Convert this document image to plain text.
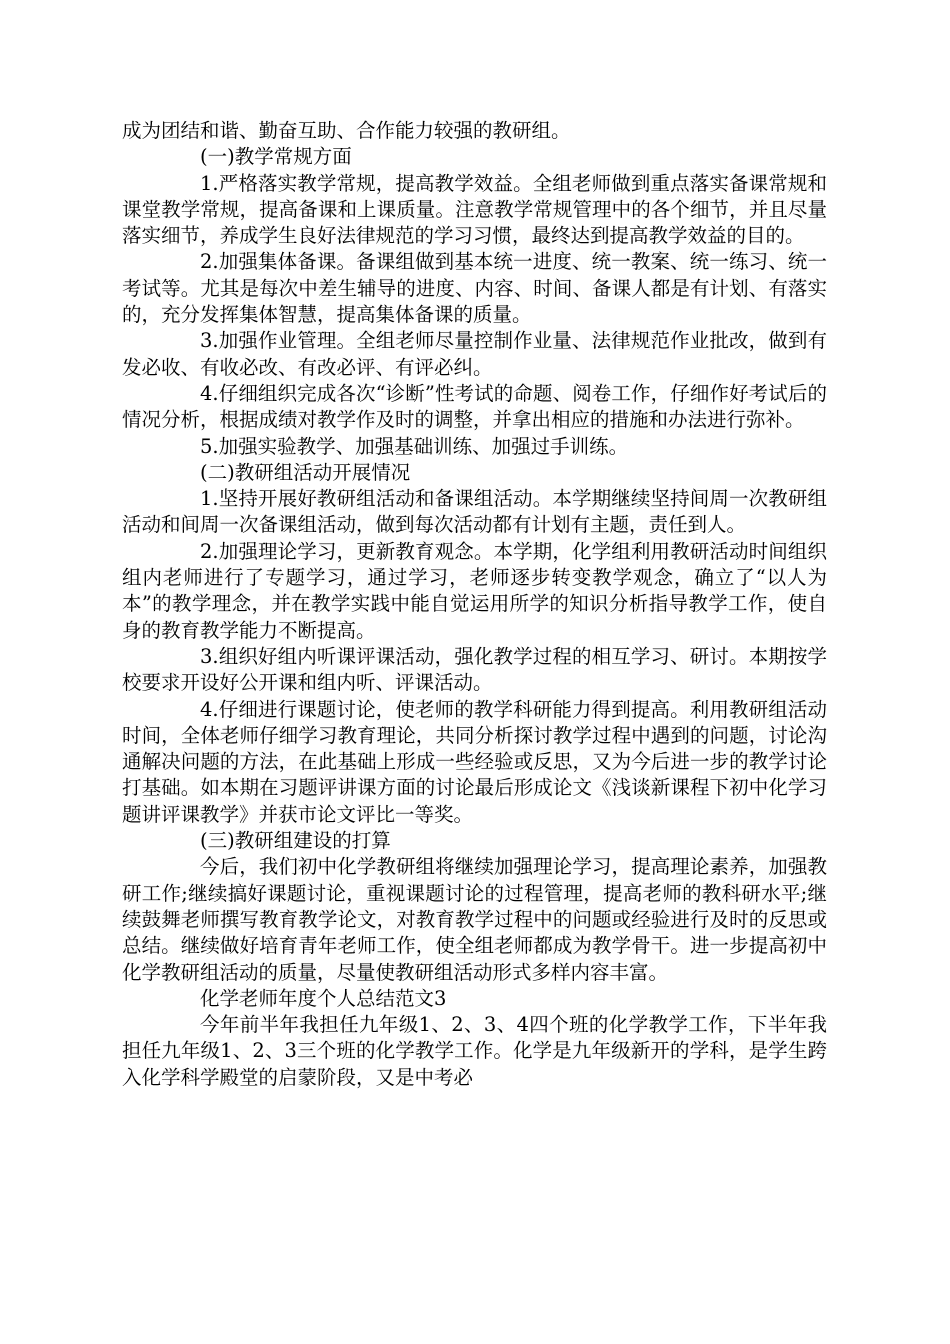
成为团结和谐、勤奋互助、合作能力较强的教研组。

(一)教学常规方面

1.严格落实教学常规，提高教学效益。全组老师做到重点落实备课常规和课堂教学常规，提高备课和上课质量。注意教学常规管理中的各个细节，并且尽量落实细节，养成学生良好法律规范的学习习惯，最终达到提高教学效益的目的。

2.加强集体备课。备课组做到基本统一进度、统一教案、统一练习、统一考试等。尤其是每次中差生辅导的进度、内容、时间、备课人都是有计划、有落实的，充分发挥集体智慧，提高集体备课的质量。

3.加强作业管理。全组老师尽量控制作业量、法律规范作业批改，做到有发必收、有收必改、有改必评、有评必纠。

4.仔细组织完成各次“诊断”性考试的命题、阅卷工作，仔细作好考试后的情况分析，根据成绩对教学作及时的调整，并拿出相应的措施和办法进行弥补。

5.加强实验教学、加强基础训练、加强过手训练。

(二)教研组活动开展情况

1.坚持开展好教研组活动和备课组活动。本学期继续坚持间周一次教研组活动和间周一次备课组活动，做到每次活动都有计划有主题，责任到人。

2.加强理论学习，更新教育观念。本学期，化学组利用教研活动时间组织组内老师进行了专题学习，通过学习，老师逐步转变教学观念，确立了“以人为本”的教学理念，并在教学实践中能自觉运用所学的知识分析指导教学工作，使自身的教育教学能力不断提高。

3.组织好组内听课评课活动，强化教学过程的相互学习、研讨。本期按学校要求开设好公开课和组内听、评课活动。

4.仔细进行课题讨论，使老师的教学科研能力得到提高。利用教研组活动时间，全体老师仔细学习教育理论，共同分析探讨教学过程中遇到的问题，讨论沟通解决问题的方法，在此基础上形成一些经验或反思，又为今后进一步的教学讨论打基础。如本期在习题评讲课方面的讨论最后形成论文《浅谈新课程下初中化学习题讲评课教学》并获市论文评比一等奖。

(三)教研组建设的打算

今后，我们初中化学教研组将继续加强理论学习，提高理论素养，加强教研工作;继续搞好课题讨论，重视课题讨论的过程管理，提高老师的教科研水平;继续鼓舞老师撰写教育教学论文，对教育教学过程中的问题或经验进行及时的反思或总结。继续做好培育青年老师工作，使全组老师都成为教学骨干。进一步提高初中化学教研组活动的质量，尽量使教研组活动形式多样内容丰富。

化学老师年度个人总结范文3

今年前半年我担任九年级1、2、3、4四个班的化学教学工作，下半年我担任九年级1、2、3三个班的化学教学工作。化学是九年级新开的学科，是学生跨入化学科学殿堂的启蒙阶段，又是中考必
